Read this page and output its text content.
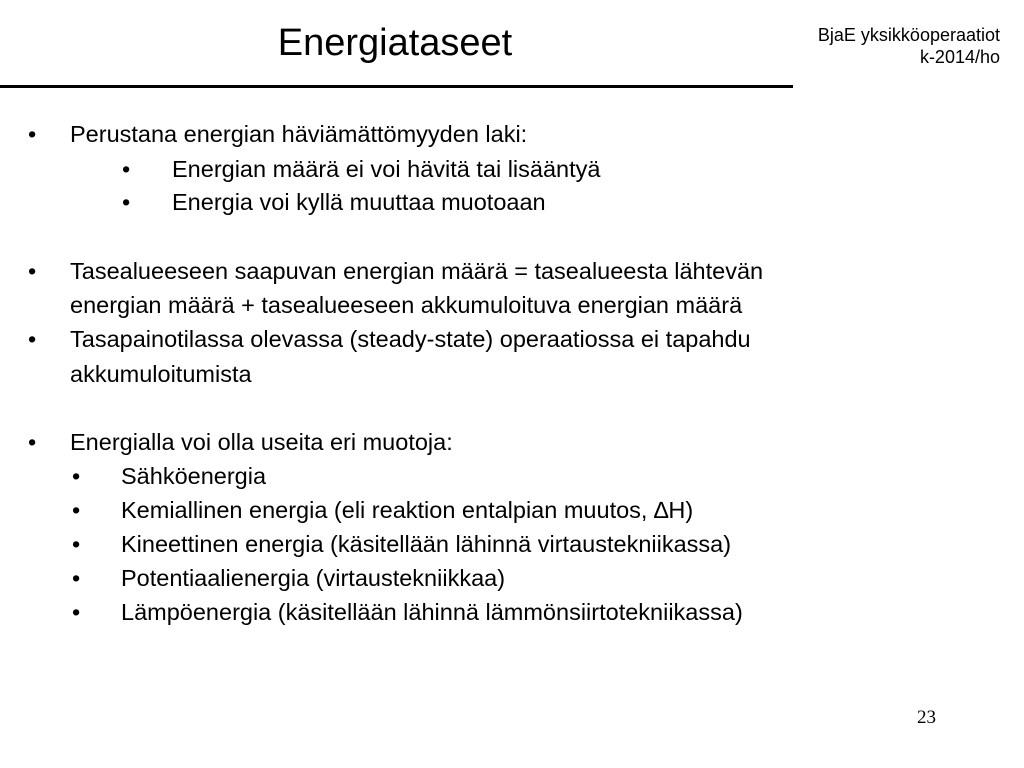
Energiataseet	BjaE yksikköoperaatiot
k-2014/ho
• Perustana energian häviämättömyyden laki:
• Energian määrä ei voi hävitä tai lisääntyä
• Energia voi kyllä muuttaa muotoaan
• Tasealueeseen saapuvan energian määrä = tasealueesta lähtevän
energian määrä + tasealueeseen akkumuloituva energian määrä
• Tasapainotilassa olevassa (steady-state) operaatiossa ei tapahdu
akkumuloitumista
• Energialla voi olla useita eri muotoja:
• Sähköenergia
• Kemiallinen energia (eli reaktion entalpian muutos, ∆H)
• Kineettinen energia (käsitellään lähinnä virtaustekniikassa)
• Potentiaalienergia (virtaustekniikkaa)
• Lämpöenergia (käsitellään lähinnä lämmönsiirtotekniikassa)
23
